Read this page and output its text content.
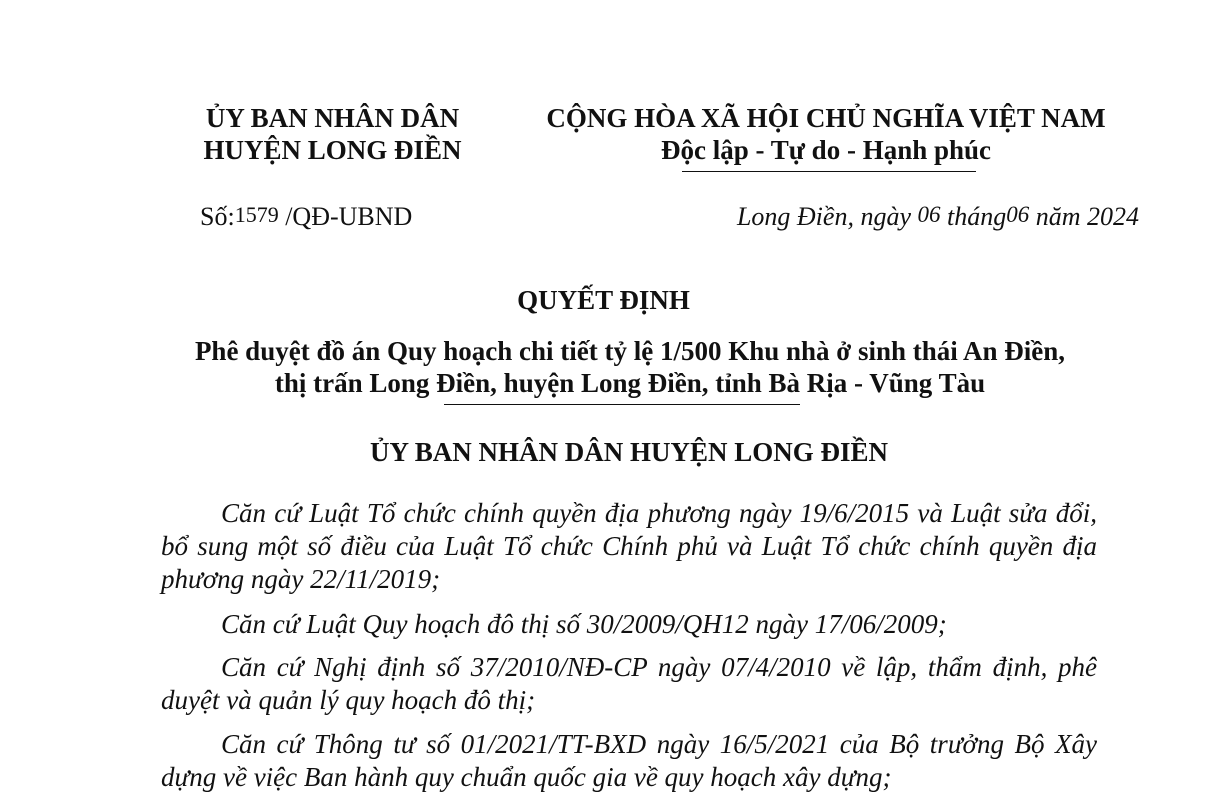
ỦY BAN NHÂN DÂN
HUYỆN LONG ĐIỀN
CỘNG HÒA XÃ HỘI CHỦ NGHĨA VIỆT NAM
Độc lập - Tự do - Hạnh phúc
Số:1579 /QĐ-UBND	Long Điền, ngày 06 tháng06 năm 2024
QUYẾT ĐỊNH
Phê duyệt đồ án Quy hoạch chi tiết tỷ lệ 1/500 Khu nhà ở sinh thái An Điền,
thị trấn Long Điền, huyện Long Điền, tỉnh Bà Rịa - Vũng Tàu
ỦY BAN NHÂN DÂN HUYỆN LONG ĐIỀN
Căn cứ Luật Tổ chức chính quyền địa phương ngày 19/6/2015 và Luật sửa đổi, bổ sung một số điều của Luật Tổ chức Chính phủ và Luật Tổ chức chính quyền địa phương ngày 22/11/2019;
Căn cứ Luật Quy hoạch đô thị số 30/2009/QH12 ngày 17/06/2009;
Căn cứ Nghị định số 37/2010/NĐ-CP ngày 07/4/2010 về lập, thẩm định, phê duyệt và quản lý quy hoạch đô thị;
Căn cứ Thông tư số 01/2021/TT-BXD ngày 16/5/2021 của Bộ trưởng Bộ Xây dựng về việc Ban hành quy chuẩn quốc gia về quy hoạch xây dựng;
